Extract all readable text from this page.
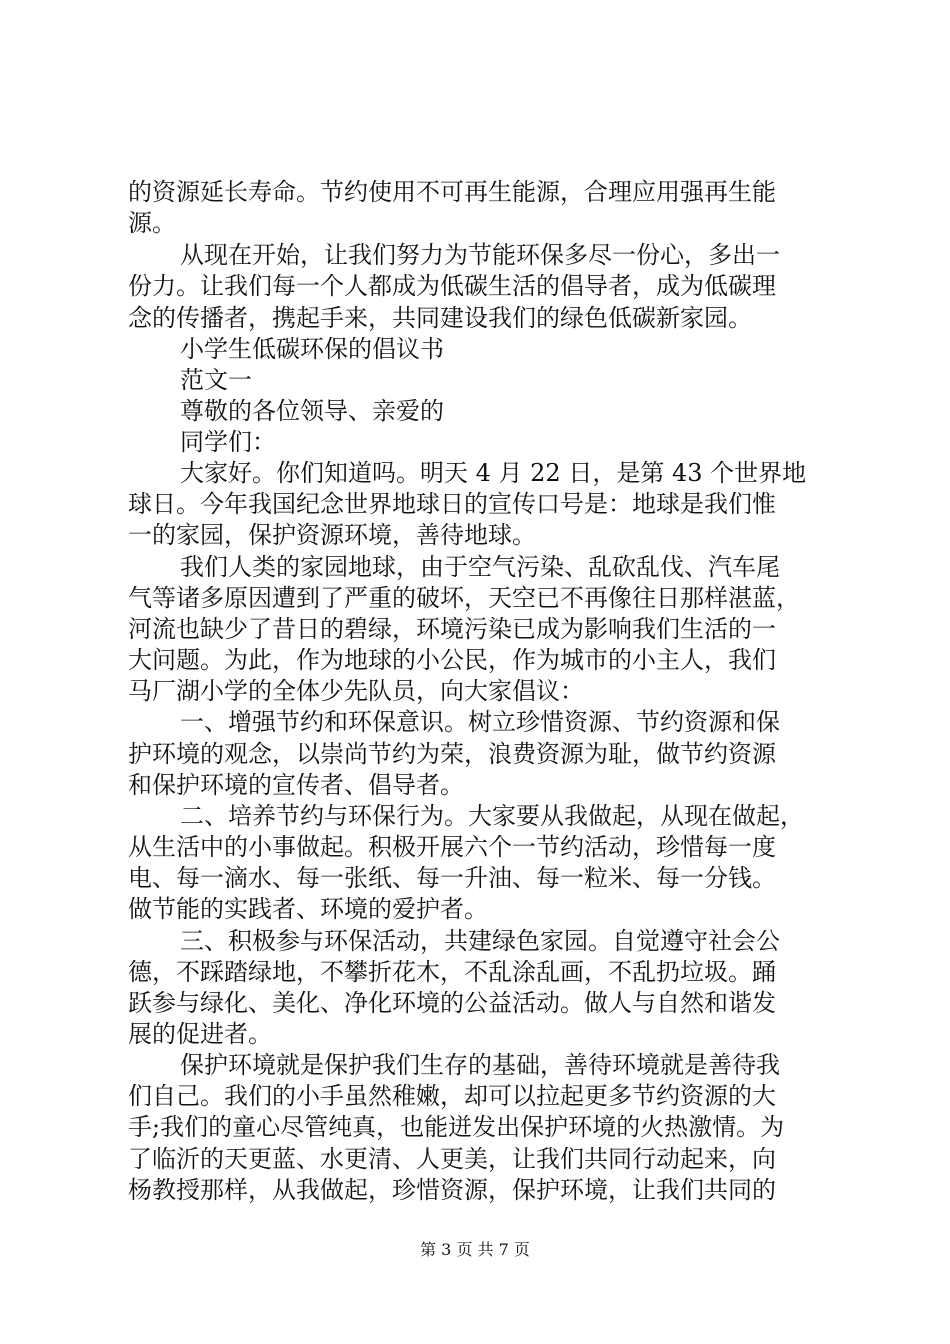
的资源延长寿命。节约使用不可再生能源，合理应用强再生能
源。
从现在开始，让我们努力为节能环保多尽一份心，多出一
份力。让我们每一个人都成为低碳生活的倡导者，成为低碳理
念的传播者，携起手来，共同建设我们的绿色低碳新家园。
小学生低碳环保的倡议书
范文一
尊敬的各位领导、亲爱的
同学们：
大家好。你们知道吗。明天 4 月 22 日，是第 43 个世界地
球日。今年我国纪念世界地球日的宣传口号是：地球是我们惟
一的家园，保护资源环境，善待地球。
我们人类的家园地球，由于空气污染、乱砍乱伐、汽车尾
气等诸多原因遭到了严重的破坏，天空已不再像往日那样湛蓝，
河流也缺少了昔日的碧绿，环境污染已成为影响我们生活的一
大问题。为此，作为地球的小公民，作为城市的小主人，我们
马厂湖小学的全体少先队员，向大家倡议：
一、增强节约和环保意识。树立珍惜资源、节约资源和保
护环境的观念，以崇尚节约为荣，浪费资源为耻，做节约资源
和保护环境的宣传者、倡导者。
二、培养节约与环保行为。大家要从我做起，从现在做起，
从生活中的小事做起。积极开展六个一节约活动，珍惜每一度
电、每一滴水、每一张纸、每一升油、每一粒米、每一分钱。
做节能的实践者、环境的爱护者。
三、积极参与环保活动，共建绿色家园。自觉遵守社会公
德，不踩踏绿地，不攀折花木，不乱涂乱画，不乱扔垃圾。踊
跃参与绿化、美化、净化环境的公益活动。做人与自然和谐发
展的促进者。
保护环境就是保护我们生存的基础，善待环境就是善待我
们自己。我们的小手虽然稚嫩，却可以拉起更多节约资源的大
手;我们的童心尽管纯真，也能迸发出保护环境的火热激情。为
了临沂的天更蓝、水更清、人更美，让我们共同行动起来，向
杨教授那样，从我做起，珍惜资源，保护环境，让我们共同的
第 3 页 共 7 页
